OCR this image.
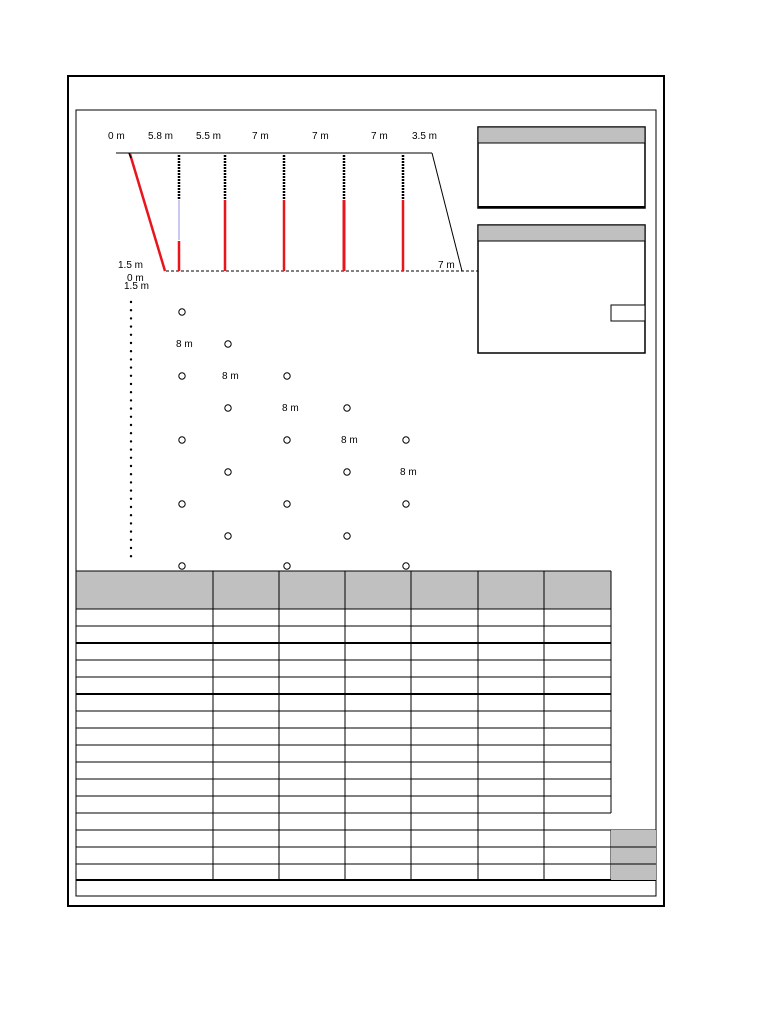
0 m 5.8 m 5.5 m	7 m	7 m	7 m 3.5 m
1.5 m	7 m
0 m
1.5 m
8 m
8 m
8 m
8 m
8 m
